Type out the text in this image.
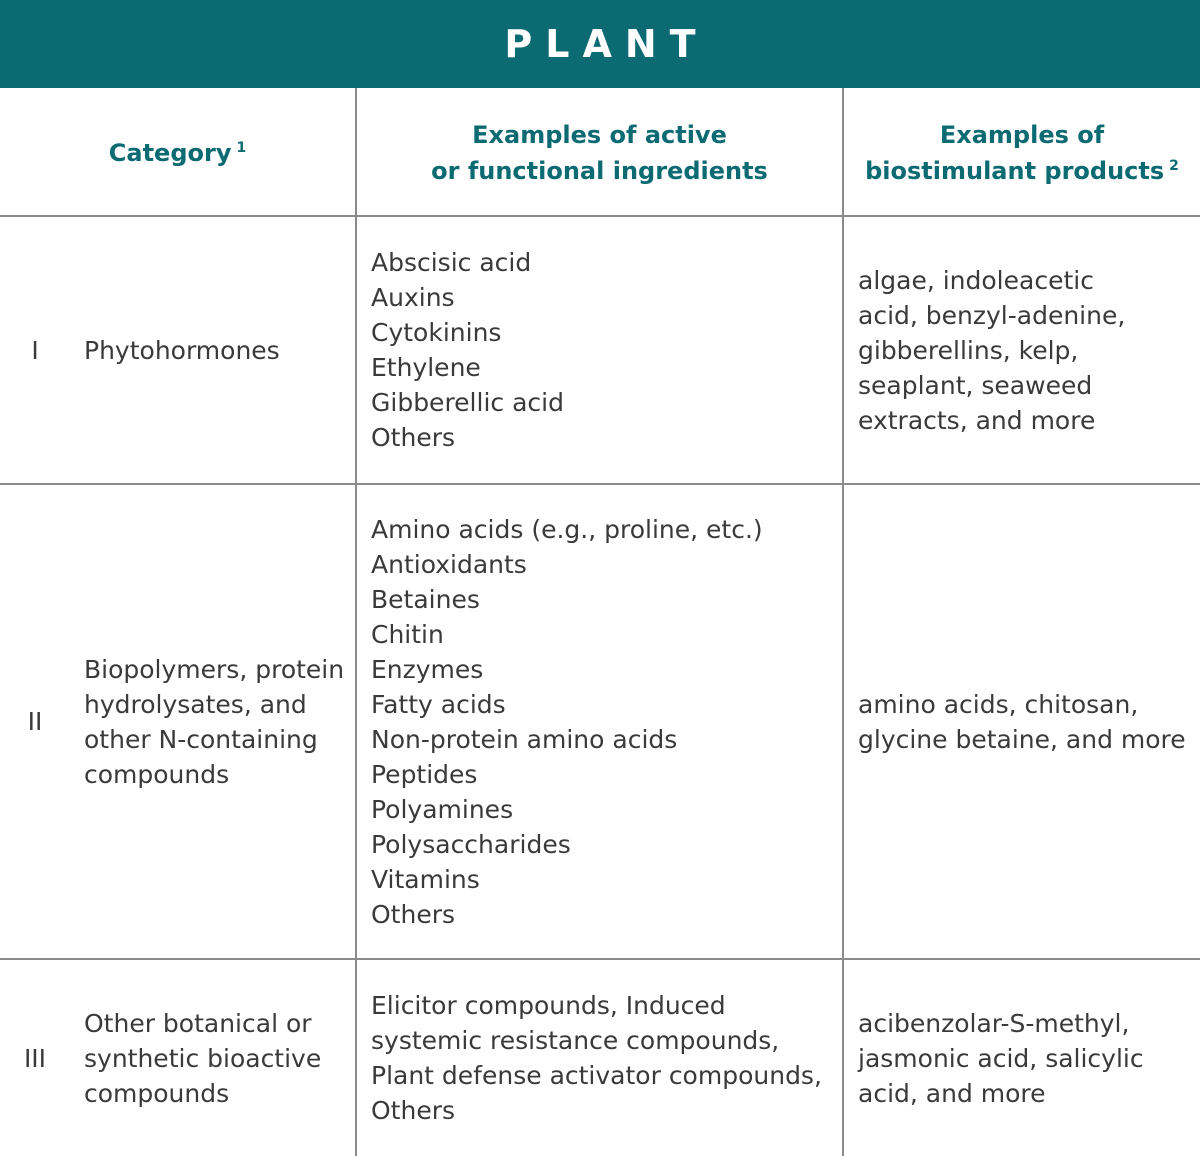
PLANT
Category $^1$	Examples of active
or functional ingredients
Examples of
biostimulant products $^2$
I	Phytohormones
Abscisic acid
Auxins
Cytokinins
Ethylene
Gibberellic acid
Others
algae, indoleacetic
acid, benzyl-adenine,
gibberellins, kelp,
seaplant, seaweed
extracts, and more
II
Biopolymers, protein
hydrolysates, and
other N-containing
compounds
Amino acids (e.g., proline, etc.)
Antioxidants
Betaines
Chitin
Enzymes
Fatty acids
Non-protein amino acids
Peptides
Polyamines
Polysaccharides
Vitamins
Others
amino acids, chitosan,
glycine betaine, and more
III
Other botanical or
synthetic bioactive
compounds
Elicitor compounds, Induced
systemic resistance compounds,
Plant defense activator compounds,
Others
acibenzolar-S-methyl,
jasmonic acid, salicylic
acid, and more
